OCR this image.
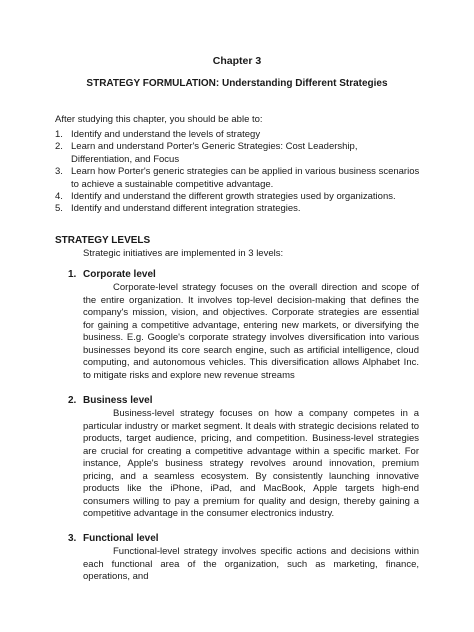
Chapter 3
STRATEGY FORMULATION: Understanding Different Strategies
After studying this chapter, you should be able to:
1. Identify and understand the levels of strategy
2. Learn and understand Porter's Generic Strategies: Cost Leadership, Differentiation, and Focus
3. Learn how Porter's generic strategies can be applied in various business scenarios to achieve a sustainable competitive advantage.
4. Identify and understand the different growth strategies used by organizations.
5. Identify and understand different integration strategies.
STRATEGY LEVELS
Strategic initiatives are implemented in 3 levels:
1. Corporate level

Corporate-level strategy focuses on the overall direction and scope of the entire organization. It involves top-level decision-making that defines the company's mission, vision, and objectives. Corporate strategies are essential for gaining a competitive advantage, entering new markets, or diversifying the business. E.g. Google's corporate strategy involves diversification into various businesses beyond its core search engine, such as artificial intelligence, cloud computing, and autonomous vehicles. This diversification allows Alphabet Inc. to mitigate risks and explore new revenue streams

2. Business level

Business-level strategy focuses on how a company competes in a particular industry or market segment. It deals with strategic decisions related to products, target audience, pricing, and competition. Business-level strategies are crucial for creating a competitive advantage within a specific market. For instance, Apple's business strategy revolves around innovation, premium pricing, and a seamless ecosystem. By consistently launching innovative products like the iPhone, iPad, and MacBook, Apple targets high-end consumers willing to pay a premium for quality and design, thereby gaining a competitive advantage in the consumer electronics industry.

3. Functional level

Functional-level strategy involves specific actions and decisions within each functional area of the organization, such as marketing, finance, operations, and
